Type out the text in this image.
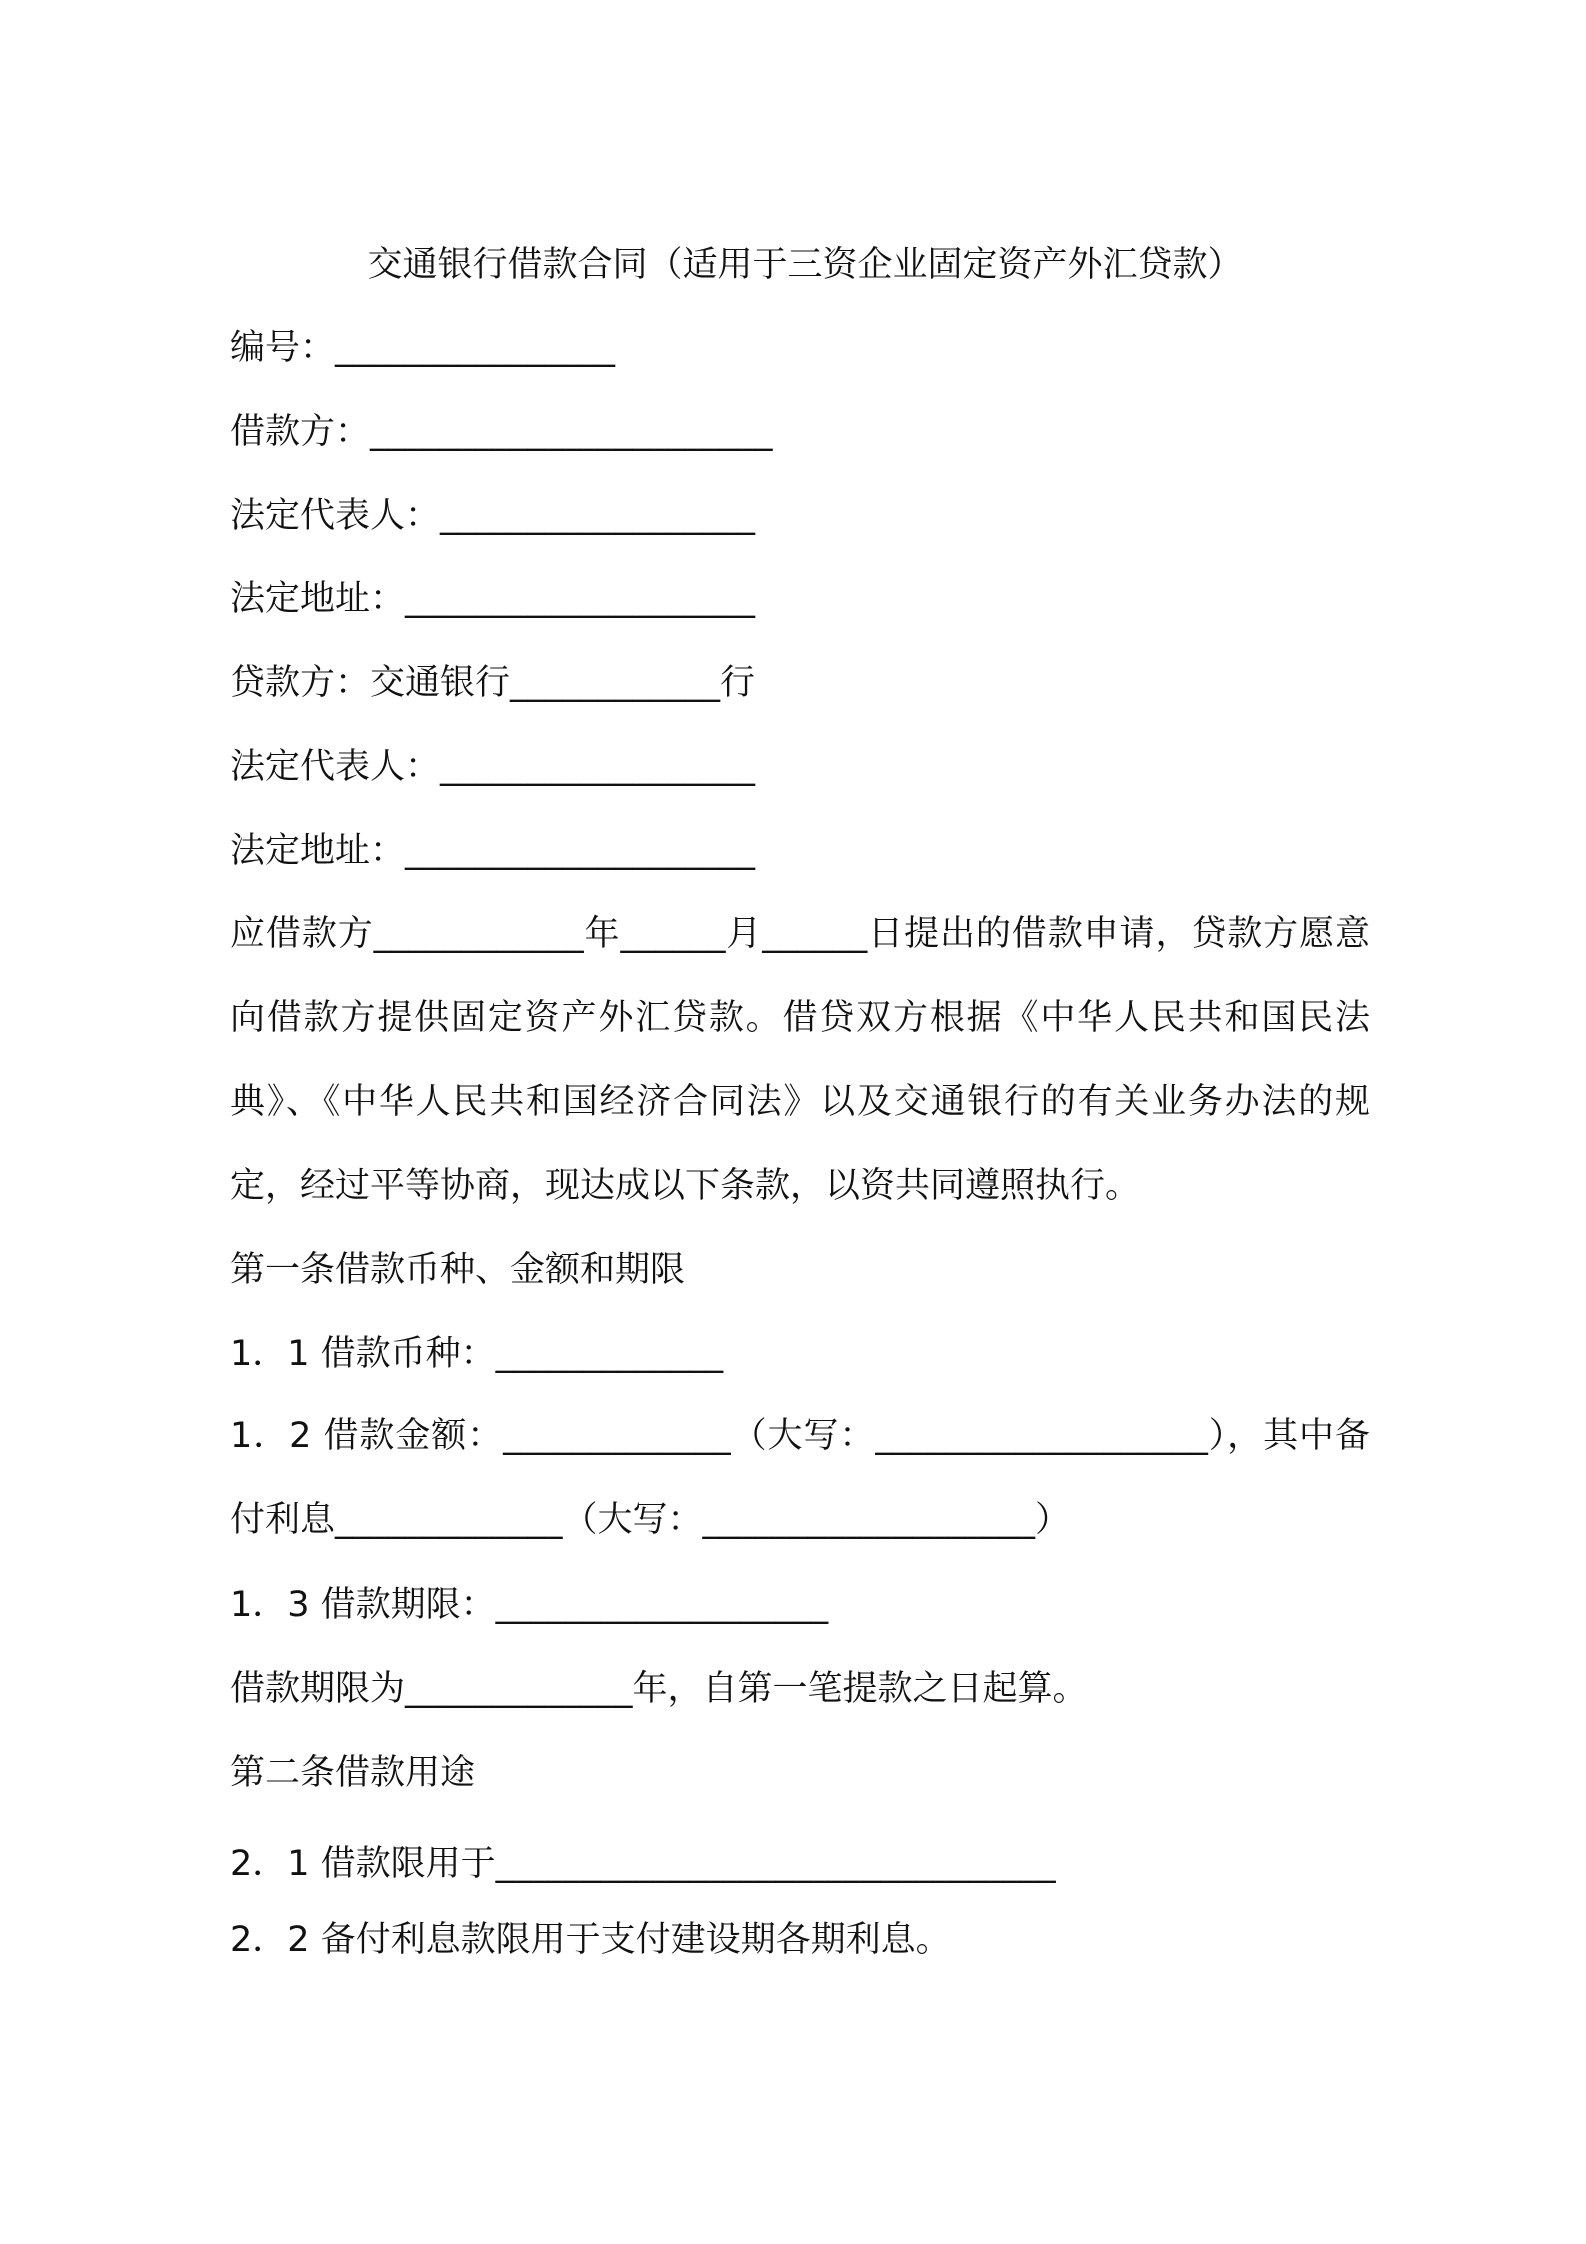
交通银行借款合同（适用于三资企业固定资产外汇贷款）
编号：________________
借款方：_______________________
法定代表人：__________________
法定地址：____________________
贷款方：交通银行____________行
法定代表人：__________________
法定地址：____________________
应借款方____________年______月______日提出的借款申请，贷款方愿意向借款方提供固定资产外汇贷款。借贷双方根据《中华人民共和国民法典》、《中华人民共和国经济合同法》以及交通银行的有关业务办法的规定，经过平等协商，现达成以下条款，以资共同遵照执行。
第一条借款币种、金额和期限
1．1 借款币种：_____________
1．2 借款金额：_____________（大写：___________________），其中备付利息_____________（大写：___________________）
1．3 借款期限：___________________
借款期限为_____________年，自第一笔提款之日起算。
第二条借款用途
2．1 借款限用于________________________________
2．2 备付利息款限用于支付建设期各期利息。
